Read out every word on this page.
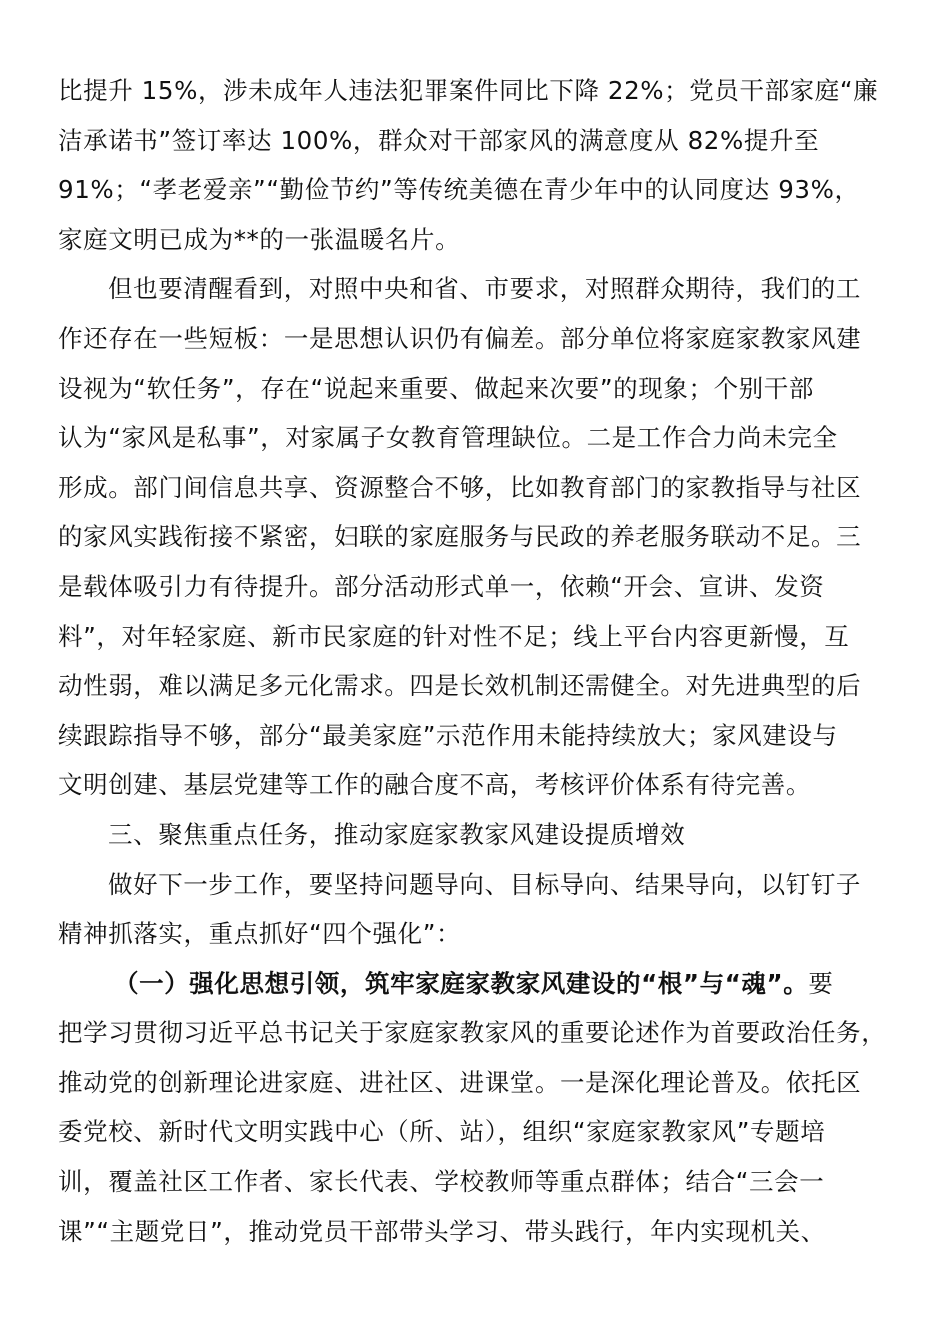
比提升 15%，涉未成年人违法犯罪案件同比下降 22%；党员干部家庭“廉
洁承诺书”签订率达 100%，群众对干部家风的满意度从 82%提升至
91%；“孝老爱亲”“勤俭节约”等传统美德在青少年中的认同度达 93%，
家庭文明已成为**的一张温暖名片。
但也要清醒看到，对照中央和省、市要求，对照群众期待，我们的工
作还存在一些短板：一是思想认识仍有偏差。部分单位将家庭家教家风建
设视为“软任务”，存在“说起来重要、做起来次要”的现象；个别干部
认为“家风是私事”，对家属子女教育管理缺位。二是工作合力尚未完全
形成。部门间信息共享、资源整合不够，比如教育部门的家教指导与社区
的家风实践衔接不紧密，妇联的家庭服务与民政的养老服务联动不足。三
是载体吸引力有待提升。部分活动形式单一，依赖“开会、宣讲、发资
料”，对年轻家庭、新市民家庭的针对性不足；线上平台内容更新慢，互
动性弱，难以满足多元化需求。四是长效机制还需健全。对先进典型的后
续跟踪指导不够，部分“最美家庭”示范作用未能持续放大；家风建设与
文明创建、基层党建等工作的融合度不高，考核评价体系有待完善。
三、聚焦重点任务，推动家庭家教家风建设提质增效
做好下一步工作，要坚持问题导向、目标导向、结果导向，以钉钉子
精神抓落实，重点抓好“四个强化”：
（一）强化思想引领，筑牢家庭家教家风建设的“根”与“魂”。要
把学习贯彻习近平总书记关于家庭家教家风的重要论述作为首要政治任务，
推动党的创新理论进家庭、进社区、进课堂。一是深化理论普及。依托区
委党校、新时代文明实践中心（所、站），组织“家庭家教家风”专题培
训，覆盖社区工作者、家长代表、学校教师等重点群体；结合“三会一
课”“主题党日”，推动党员干部带头学习、带头践行，年内实现机关、
